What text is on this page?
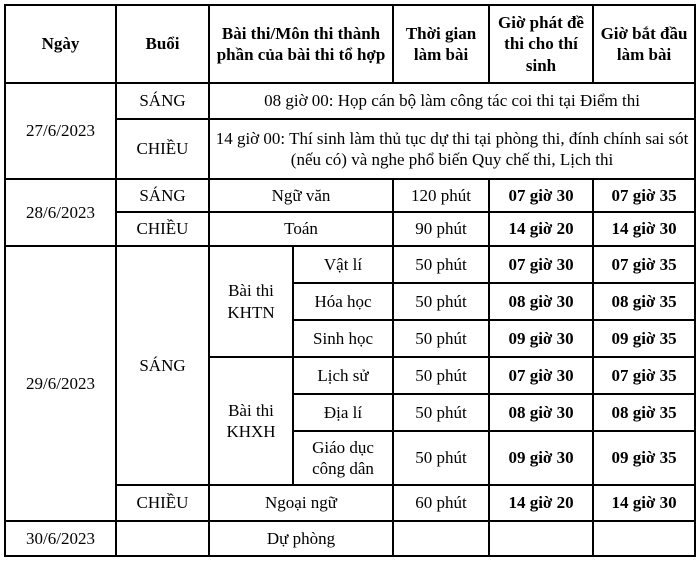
Ngày	Buổi	Bài thi/Môn thi thành phần của bài thi tổ hợp		Thời gian làm bài	Giờ phát đề thi cho thí sinh	Giờ bắt đầu làm bài
27/6/2023	SÁNG	08 giờ 00: Họp cán bộ làm công tác coi thi tại Điểm thi				
	CHIỀU	14 giờ 00: Thí sinh làm thủ tục dự thi tại phòng thi, đính chính sai sót (nếu có) và nghe phổ biến Quy chế thi, Lịch thi				
28/6/2023	SÁNG	Ngữ văn		120 phút	07 giờ 30	07 giờ 35
	CHIỀU	Toán		90 phút	14 giờ 20	14 giờ 30
29/6/2023	SÁNG	Bài thi KHTN	Vật lí	50 phút	07 giờ 30	07 giờ 35
			Hóa học	50 phút	08 giờ 30	08 giờ 35
			Sinh học	50 phút	09 giờ 30	09 giờ 35
		Bài thi KHXH	Lịch sử	50 phút	07 giờ 30	07 giờ 35
			Địa lí	50 phút	08 giờ 30	08 giờ 35
			Giáo dục công dân	50 phút	09 giờ 30	09 giờ 35
	CHIỀU	Ngoại ngữ		60 phút	14 giờ 20	14 giờ 30
30/6/2023		Dự phòng				
